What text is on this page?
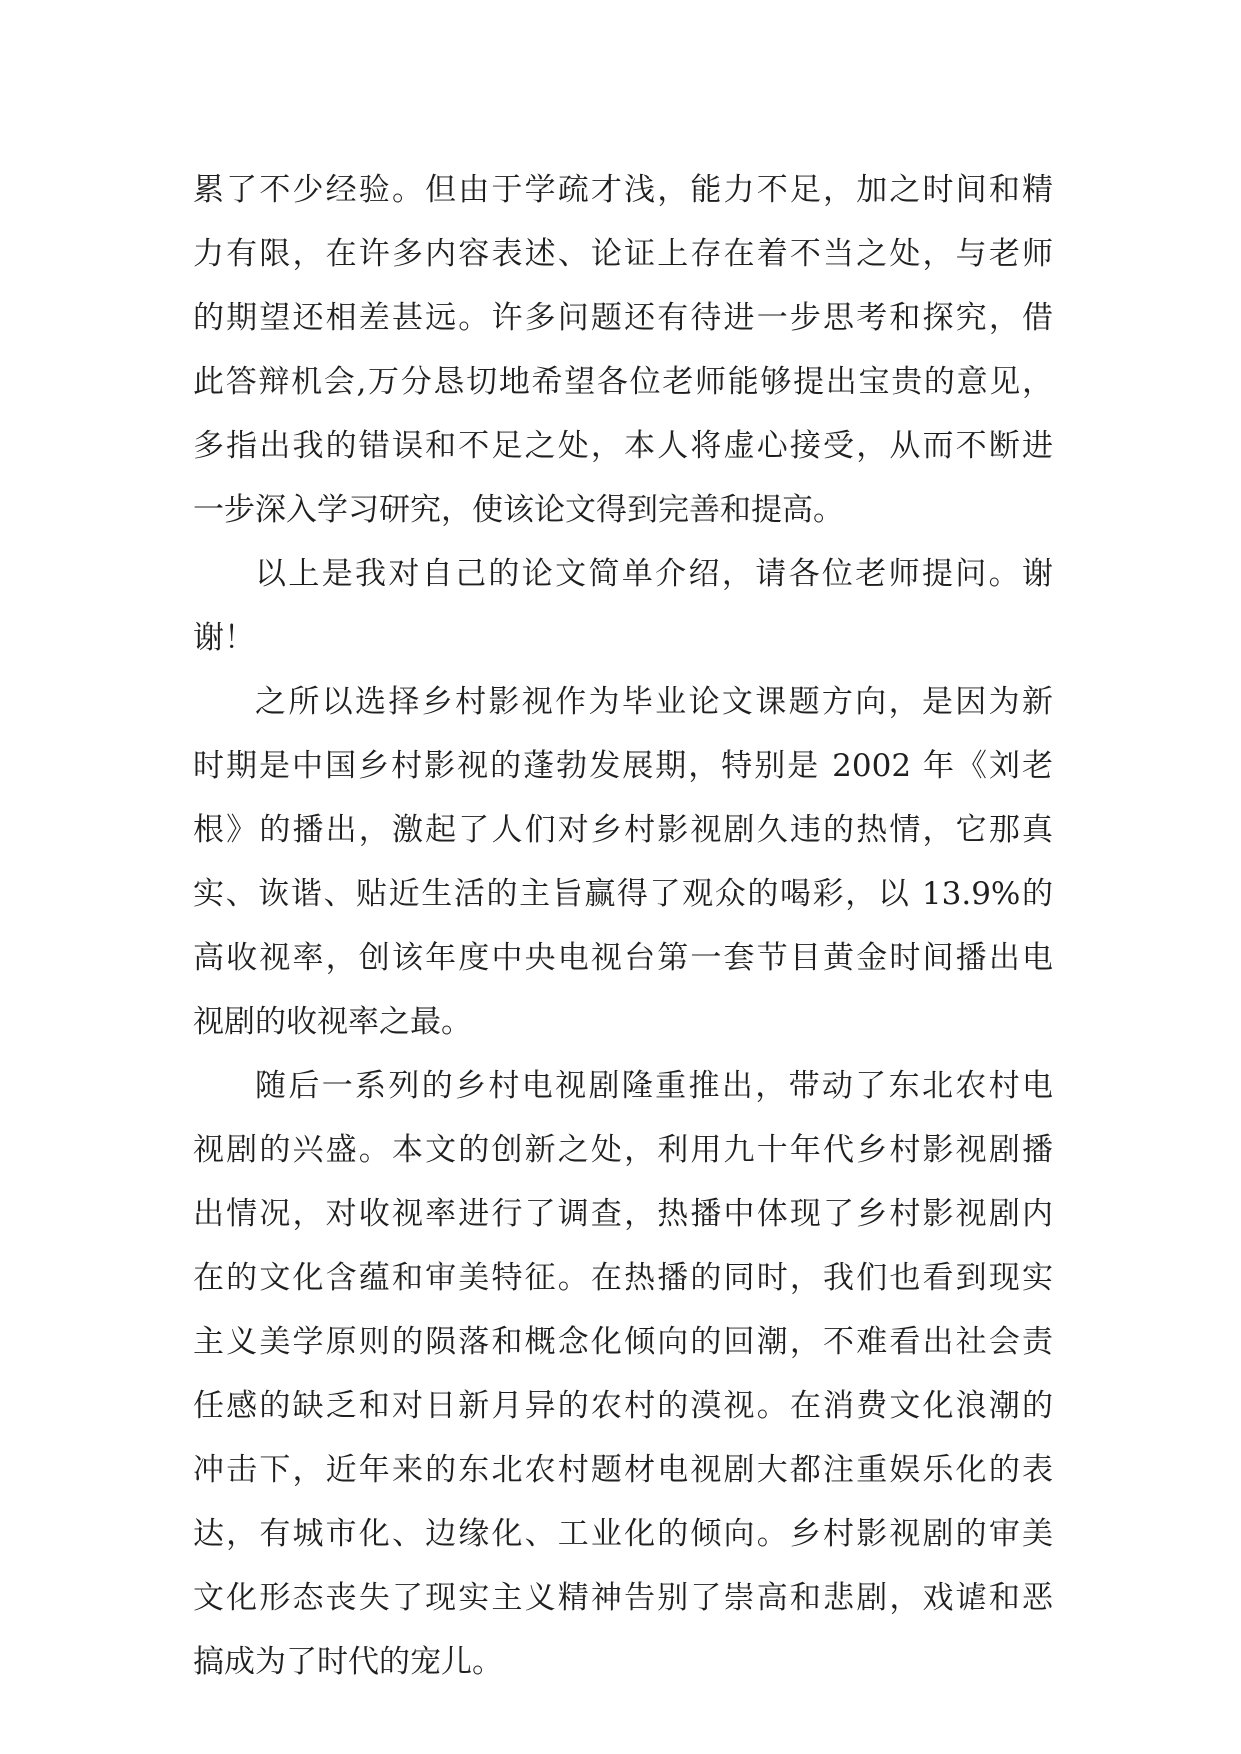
累了不少经验。但由于学疏才浅，能力不足，加之时间和精
力有限，在许多内容表述、论证上存在着不当之处，与老师
的期望还相差甚远。许多问题还有待进一步思考和探究，借
此答辩机会,万分恳切地希望各位老师能够提出宝贵的意见，
多指出我的错误和不足之处，本人将虚心接受，从而不断进
一步深入学习研究，使该论文得到完善和提高。
以上是我对自己的论文简单介绍，请各位老师提问。谢
谢！
之所以选择乡村影视作为毕业论文课题方向，是因为新
时期是中国乡村影视的蓬勃发展期，特别是 2002 年《刘老
根》的播出，激起了人们对乡村影视剧久违的热情，它那真
实、诙谐、贴近生活的主旨赢得了观众的喝彩，以 13.9%的
高收视率，创该年度中央电视台第一套节目黄金时间播出电
视剧的收视率之最。
随后一系列的乡村电视剧隆重推出，带动了东北农村电
视剧的兴盛。本文的创新之处，利用九十年代乡村影视剧播
出情况，对收视率进行了调查，热播中体现了乡村影视剧内
在的文化含蕴和审美特征。在热播的同时，我们也看到现实
主义美学原则的陨落和概念化倾向的回潮，不难看出社会责
任感的缺乏和对日新月异的农村的漠视。在消费文化浪潮的
冲击下，近年来的东北农村题材电视剧大都注重娱乐化的表
达，有城市化、边缘化、工业化的倾向。乡村影视剧的审美
文化形态丧失了现实主义精神告别了崇高和悲剧，戏谑和恶
搞成为了时代的宠儿。
